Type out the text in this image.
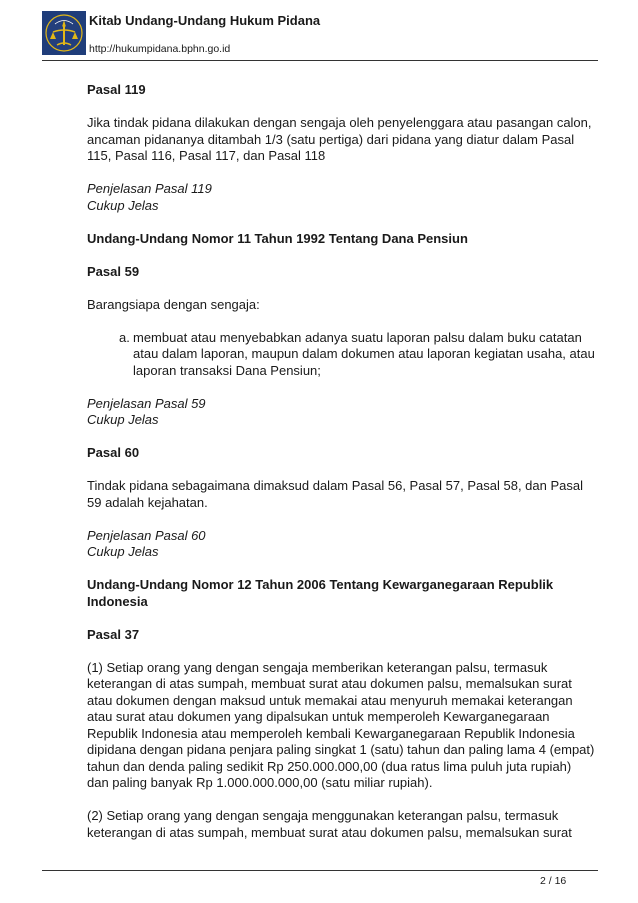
Kitab Undang-Undang Hukum Pidana
http://hukumpidana.bphn.go.id

Pasal 119

Jika tindak pidana dilakukan dengan sengaja oleh penyelenggara atau pasangan calon, ancaman pidananya ditambah 1/3 (satu pertiga) dari pidana yang diatur dalam Pasal 115, Pasal 116, Pasal 117, dan Pasal 118

Penjelasan Pasal 119

Cukup Jelas

Undang-Undang Nomor 11 Tahun 1992 Tentang Dana Pensiun

Pasal 59

Barangsiapa dengan sengaja:

a. membuat atau menyebabkan adanya suatu laporan palsu dalam buku catatan atau dalam laporan, maupun dalam dokumen atau laporan kegiatan usaha, atau laporan transaksi Dana Pensiun;

Penjelasan Pasal 59

Cukup Jelas

Pasal 60

Tindak pidana sebagaimana dimaksud dalam Pasal 56, Pasal 57, Pasal 58, dan Pasal 59 adalah kejahatan.

Penjelasan Pasal 60

Cukup Jelas

Undang-Undang Nomor 12 Tahun 2006 Tentang Kewarganegaraan Republik Indonesia

Pasal 37

(1) Setiap orang yang dengan sengaja memberikan keterangan palsu, termasuk keterangan di atas sumpah, membuat surat atau dokumen palsu, memalsukan surat atau dokumen dengan maksud untuk memakai atau menyuruh memakai keterangan atau surat atau dokumen yang dipalsukan untuk memperoleh Kewarganegaraan Republik Indonesia atau memperoleh kembali Kewarganegaraan Republik Indonesia dipidana dengan pidana penjara paling singkat 1 (satu) tahun dan paling lama 4 (empat) tahun dan denda paling sedikit Rp 250.000.000,00 (dua ratus lima puluh juta rupiah) dan paling banyak Rp 1.000.000.000,00 (satu miliar rupiah).

(2) Setiap orang yang dengan sengaja menggunakan keterangan palsu, termasuk keterangan di atas sumpah, membuat surat atau dokumen palsu, memalsukan surat

2 / 16
